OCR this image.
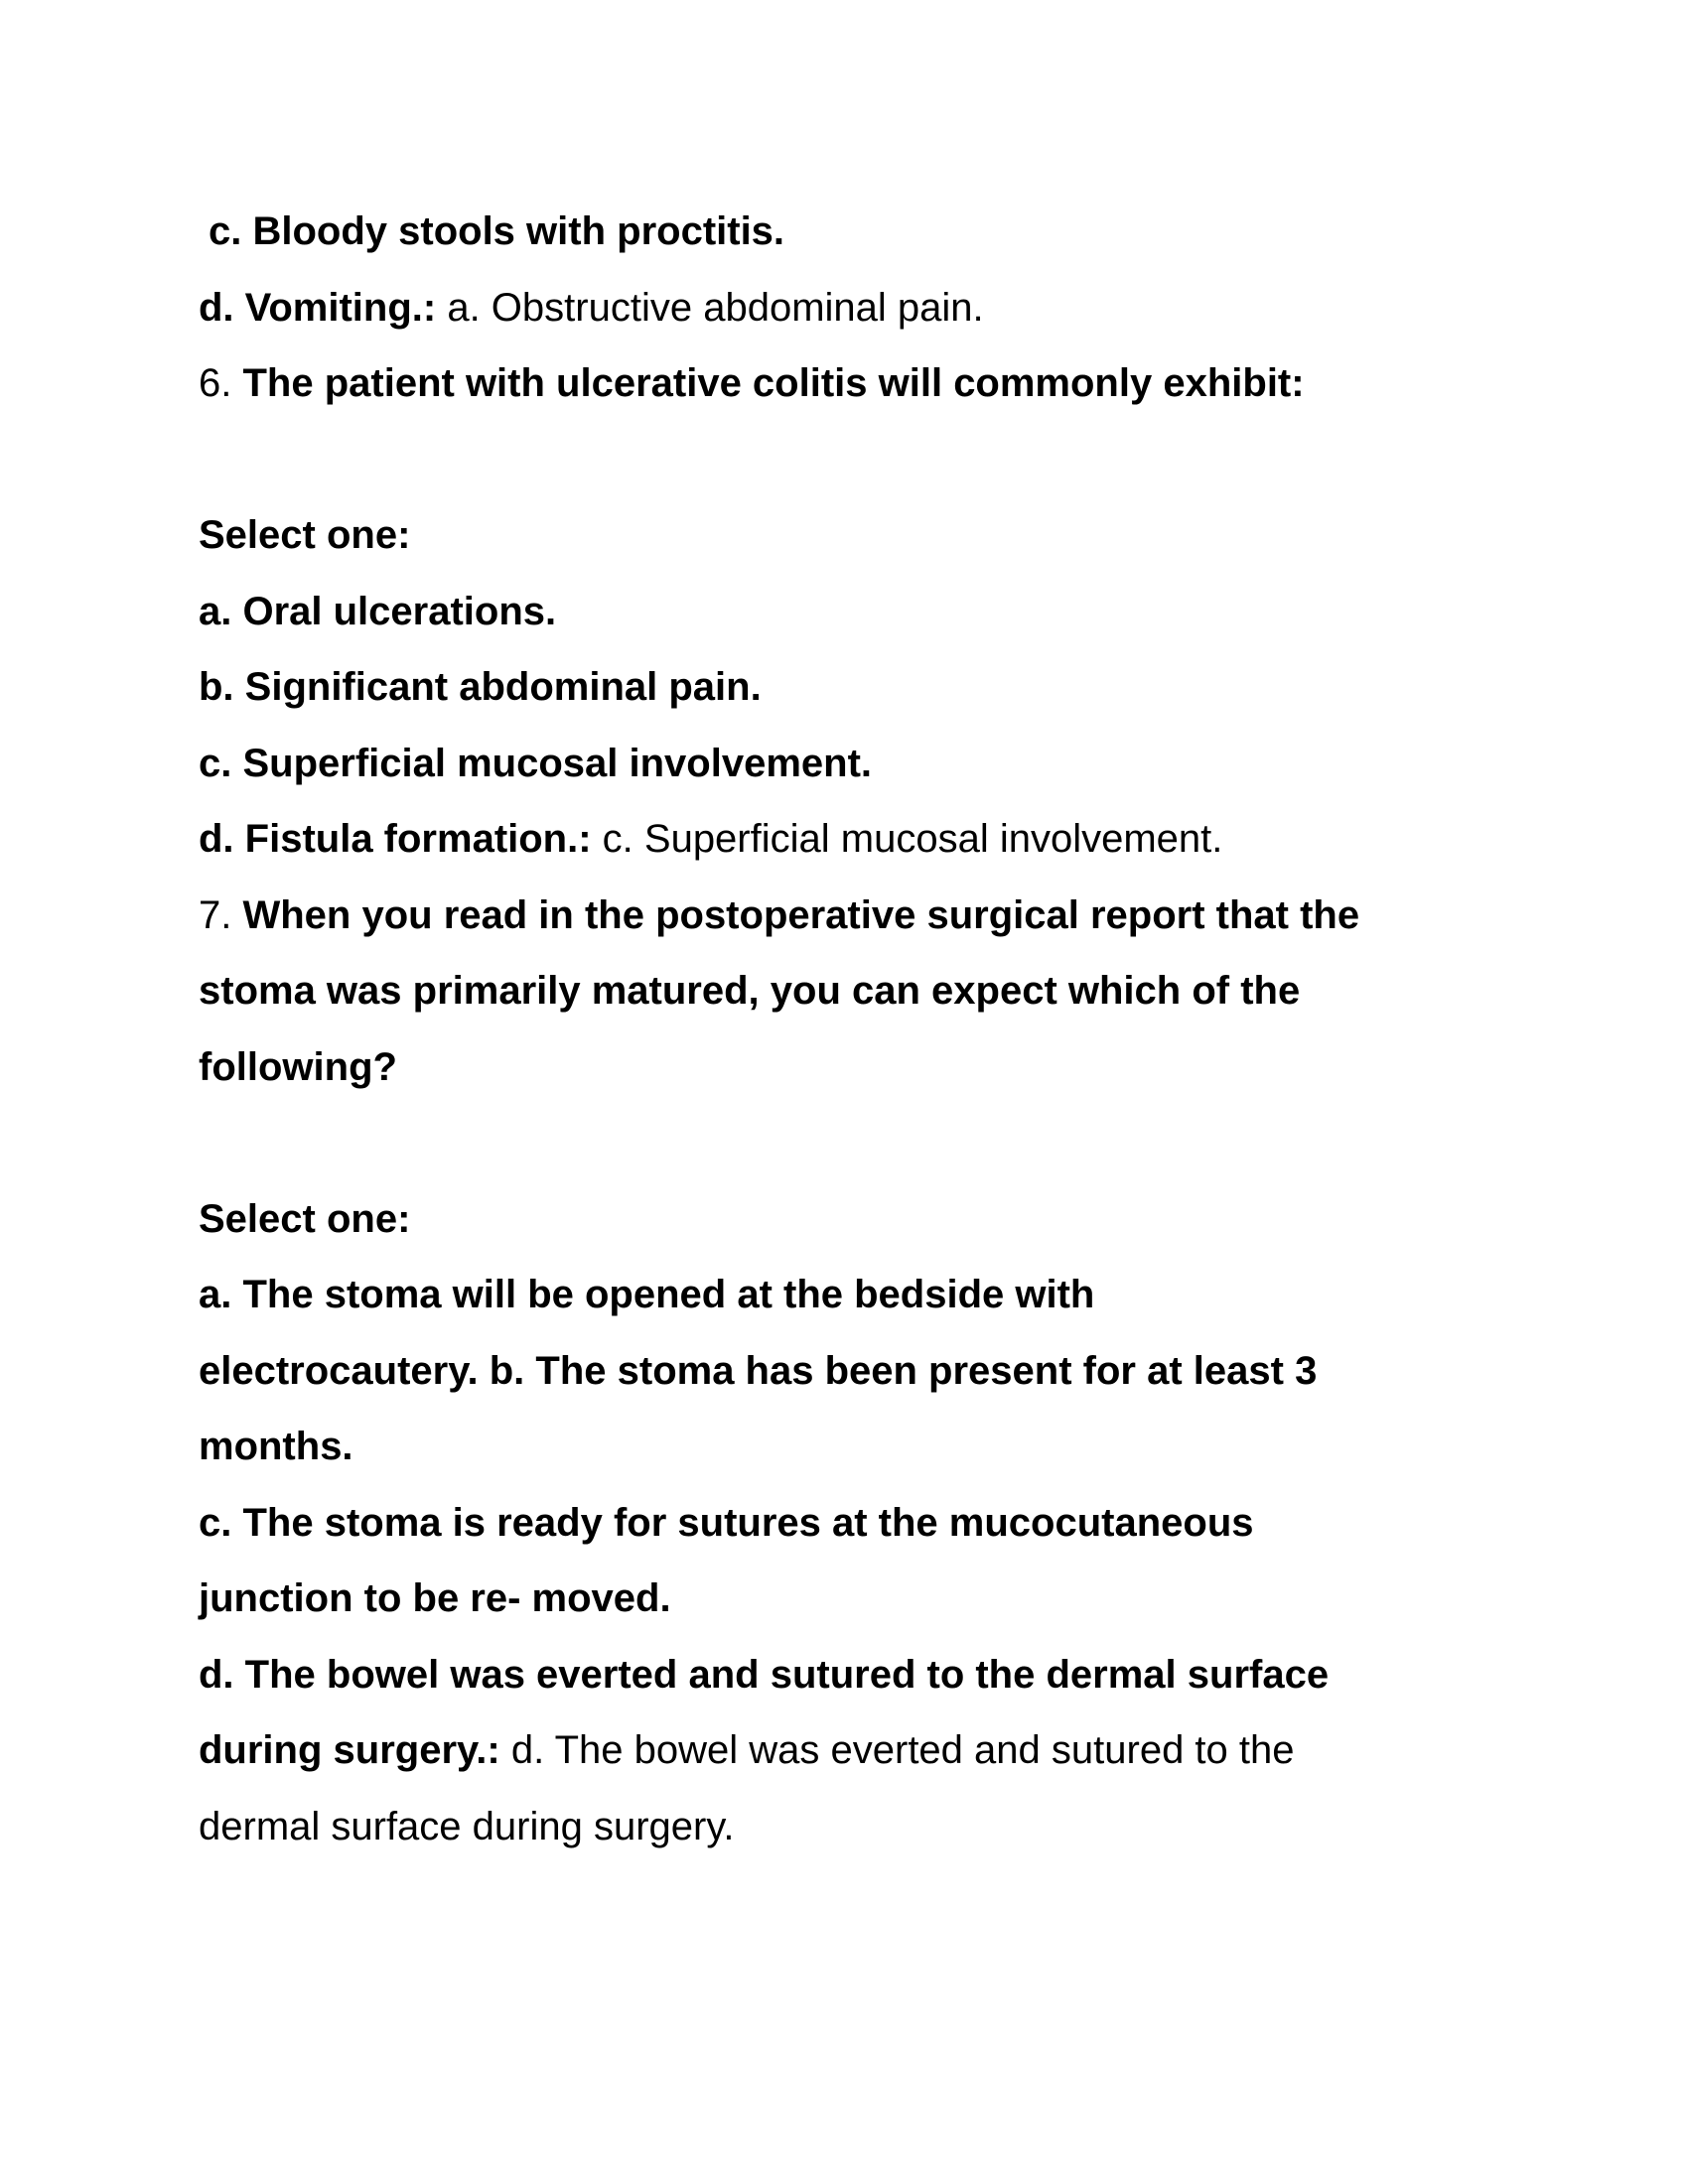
c. Bloody stools with proctitis.
d. Vomiting.: a. Obstructive abdominal pain.
6. The patient with ulcerative colitis will commonly exhibit:
Select one:
a. Oral ulcerations.
b. Significant abdominal pain.
c. Superficial mucosal involvement.
d. Fistula formation.: c. Superficial mucosal involvement.
7. When you read in the postoperative surgical report that the
stoma was primarily matured, you can expect which of the
following?
Select one:
a. The stoma will be opened at the bedside with
electrocautery. b. The stoma has been present for at least 3
months.
c. The stoma is ready for sutures at the mucocutaneous
junction to be re- moved.
d. The bowel was everted and sutured to the dermal surface
during surgery.: d. The bowel was everted and sutured to the
dermal surface during surgery.
